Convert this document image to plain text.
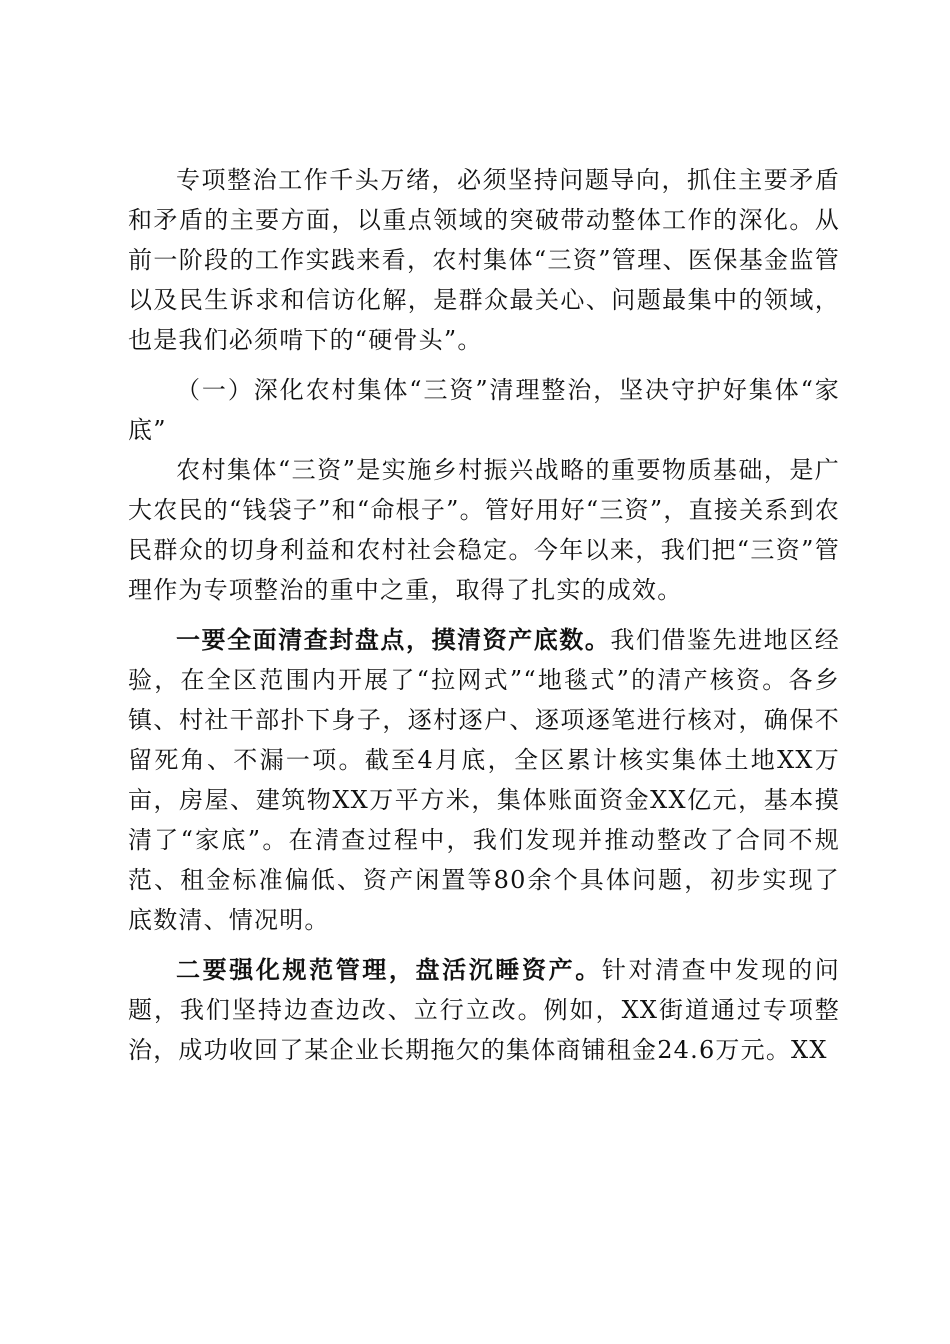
专项整治工作千头万绪，必须坚持问题导向，抓住主要矛盾和矛盾的主要方面，以重点领域的突破带动整体工作的深化。从前一阶段的工作实践来看，农村集体“三资”管理、医保基金监管以及民生诉求和信访化解，是群众最关心、问题最集中的领域，也是我们必须啃下的“硬骨头”。

（一）深化农村集体“三资”清理整治，坚决守护好集体“家底”

农村集体“三资”是实施乡村振兴战略的重要物质基础，是广大农民的“钱袋子”和“命根子”。管好用好“三资”，直接关系到农民群众的切身利益和农村社会稳定。今年以来，我们把“三资”管理作为专项整治的重中之重，取得了扎实的成效。

一要全面清查封盘点，摸清资产底数。我们借鉴先进地区经验，在全区范围内开展了“拉网式”“地毯式”的清产核资。各乡镇、村社干部扑下身子，逐村逐户、逐项逐笔进行核对，确保不留死角、不漏一项。截至4月底，全区累计核实集体土地XX万亩，房屋、建筑物XX万平方米，集体账面资金XX亿元，基本摸清了“家底”。在清查过程中，我们发现并推动整改了合同不规范、租金标准偏低、资产闲置等80余个具体问题，初步实现了底数清、情况明。

二要强化规范管理，盘活沉睡资产。针对清查中发现的问题，我们坚持边查边改、立行立改。例如，XX街道通过专项整治，成功收回了某企业长期拖欠的集体商铺租金24.6万元。XX
